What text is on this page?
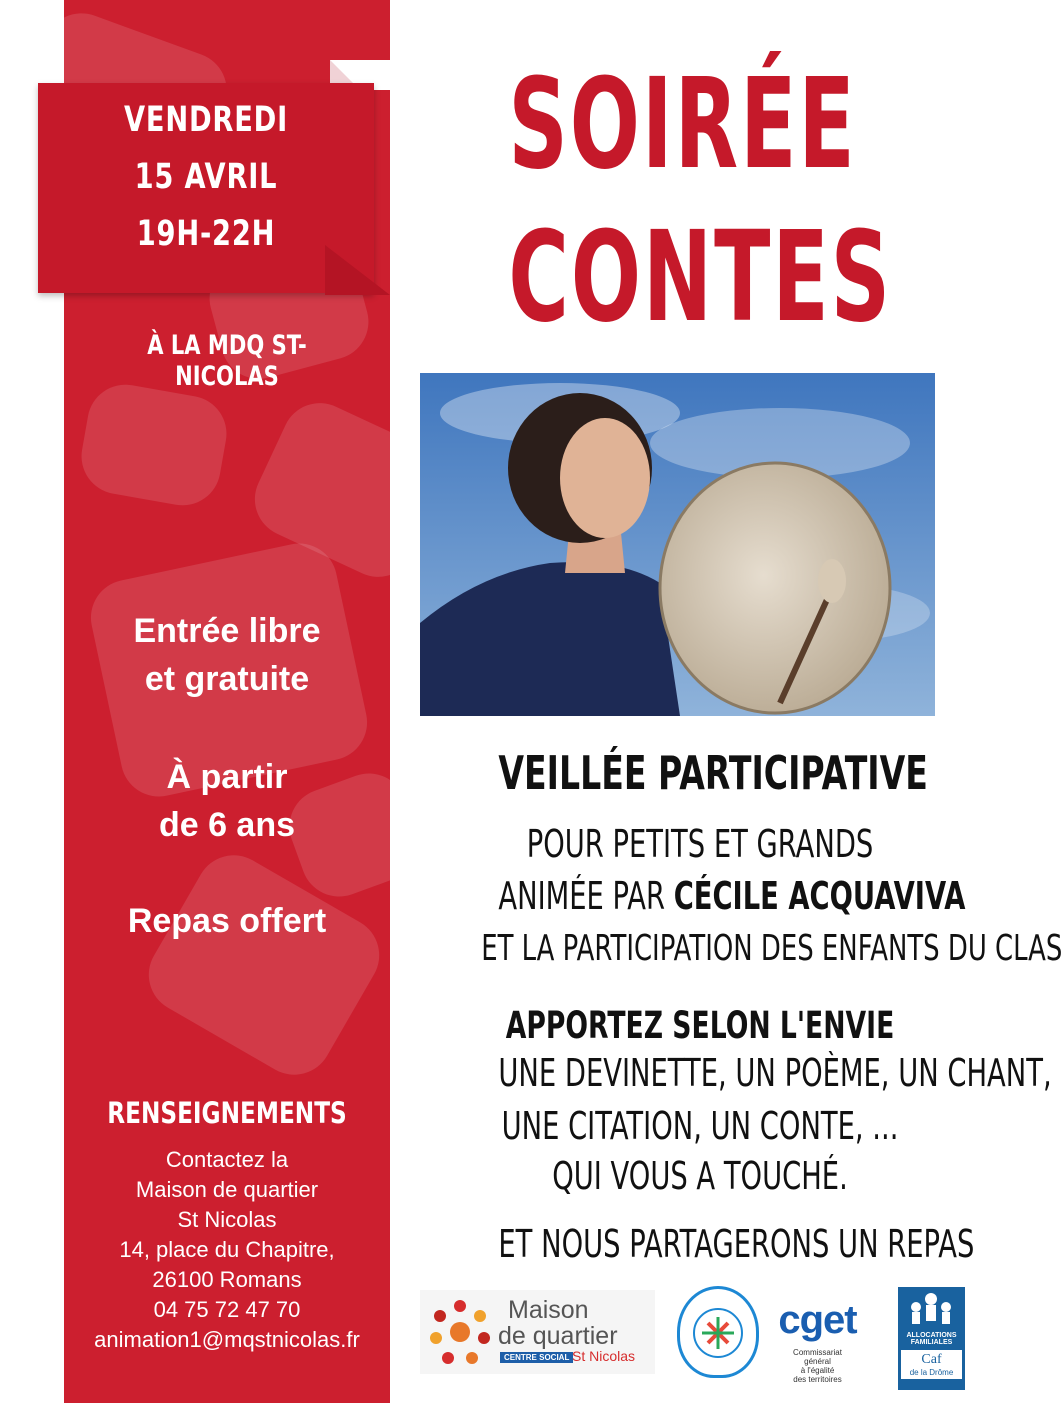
VENDREDI
15 AVRIL
19H-22H
À LA MDQ ST-NICOLAS
Entrée libre
et gratuite
À partir
de 6 ans
Repas offert
RENSEIGNEMENTS
Contactez la
Maison de quartier
St Nicolas
14, place du Chapitre,
26100 Romans
04 75 72 47 70
animation1@mqstnicolas.fr
SOIRÉE
CONTES
VEILLÉE PARTICIPATIVE
POUR PETITS ET GRANDS
ANIMÉE PAR CÉCILE ACQUAVIVA
ET LA PARTICIPATION DES ENFANTS DU CLAS
APPORTEZ SELON L'ENVIE
UNE DEVINETTE, UN POÈME, UN CHANT,
UNE CITATION, UN CONTE, ...
QUI VOUS A TOUCHÉ.
ET NOUS PARTAGERONS UN REPAS
Maison
de quartier
CENTRE SOCIAL St Nicolas
cget
Commissariat
général
à l'égalité
des territoires
ALLOCATIONS
FAMILIALES
Caf
de la Drôme
